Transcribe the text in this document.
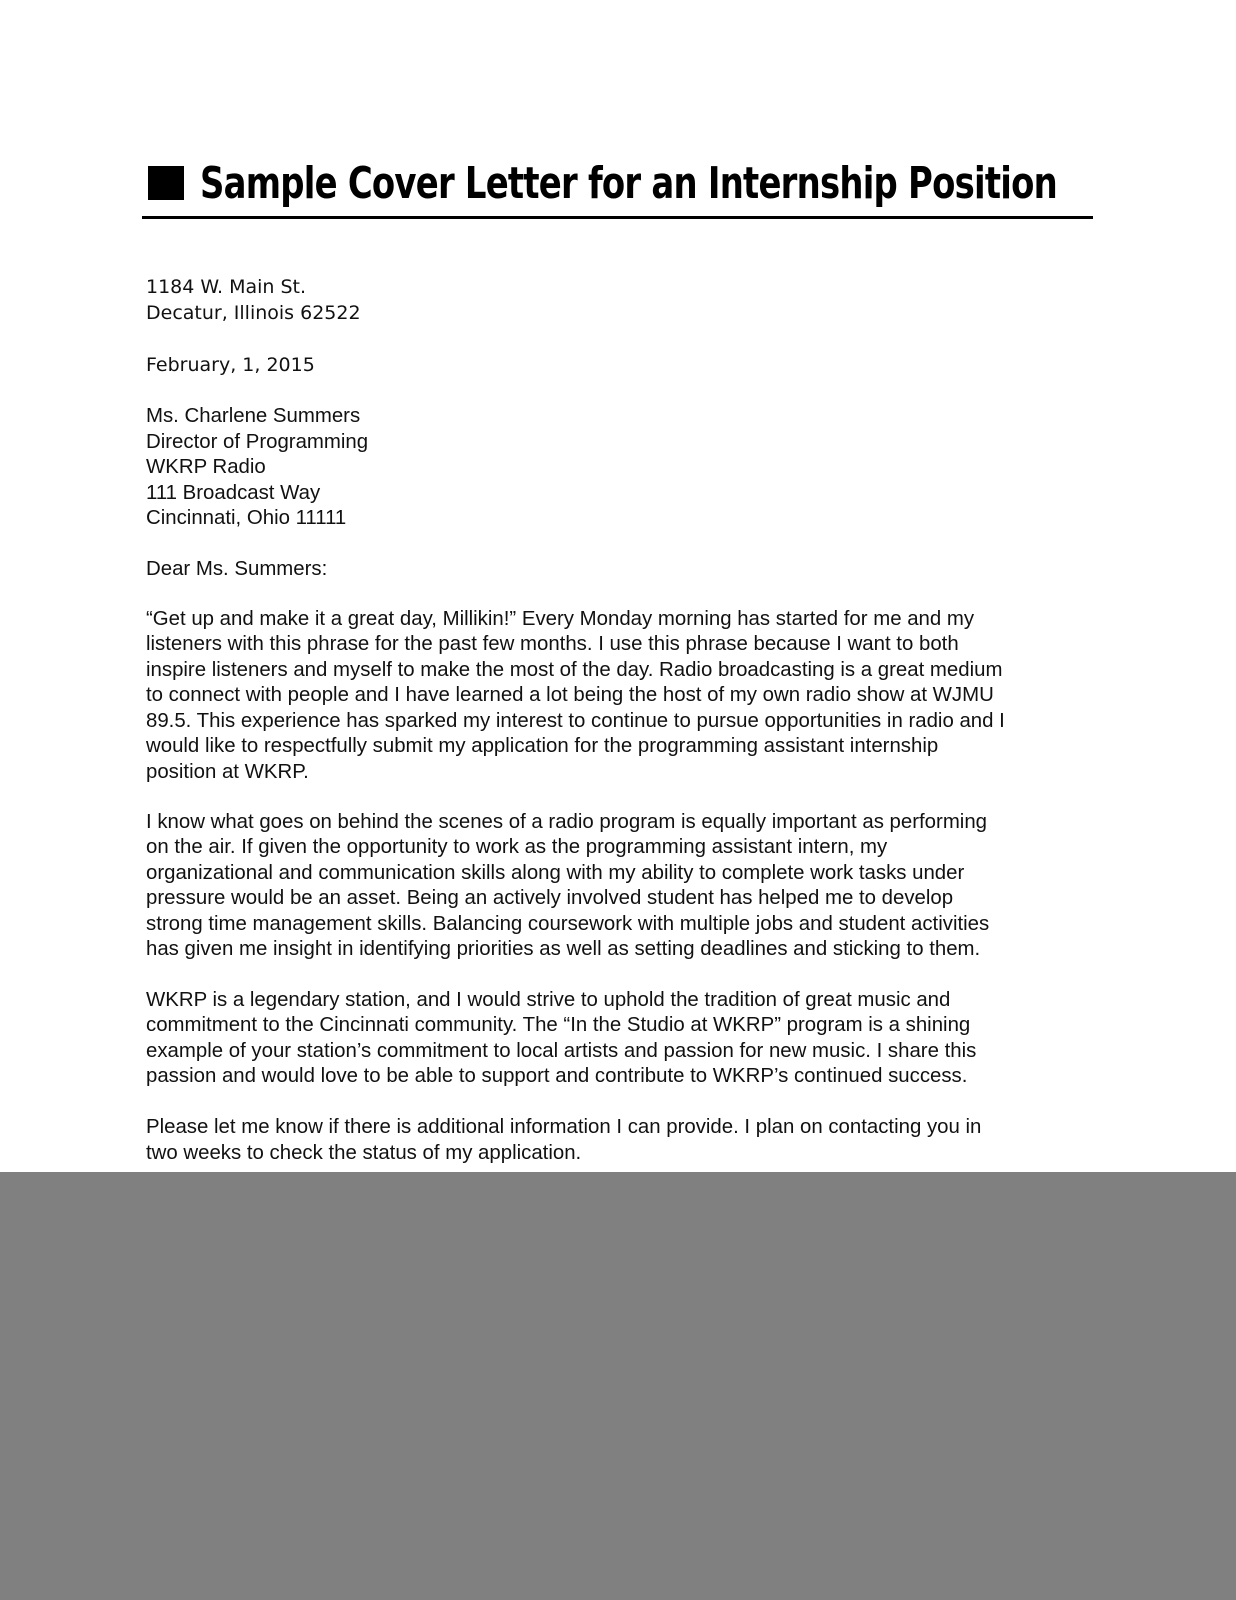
Sample Cover Letter for an Internship Position
1184 W. Main St.
Decatur, Illinois 62522
February, 1, 2015
Ms. Charlene Summers
Director of Programming
WKRP Radio
111 Broadcast Way
Cincinnati, Ohio 11111
Dear Ms. Summers:
“Get up and make it a great day, Millikin!” Every Monday morning has started for me and my
listeners with this phrase for the past few months. I use this phrase because I want to both
inspire listeners and myself to make the most of the day. Radio broadcasting is a great medium
to connect with people and I have learned a lot being the host of my own radio show at WJMU
89.5. This experience has sparked my interest to continue to pursue opportunities in radio and I
would like to respectfully submit my application for the programming assistant internship
position at WKRP.
I know what goes on behind the scenes of a radio program is equally important as performing
on the air. If given the opportunity to work as the programming assistant intern, my
organizational and communication skills along with my ability to complete work tasks under
pressure would be an asset. Being an actively involved student has helped me to develop
strong time management skills. Balancing coursework with multiple jobs and student activities
has given me insight in identifying priorities as well as setting deadlines and sticking to them.
WKRP is a legendary station, and I would strive to uphold the tradition of great music and
commitment to the Cincinnati community. The “In the Studio at WKRP” program is a shining
example of your station’s commitment to local artists and passion for new music. I share this
passion and would love to be able to support and contribute to WKRP’s continued success.
Please let me know if there is additional information I can provide. I plan on contacting you in
two weeks to check the status of my application.
